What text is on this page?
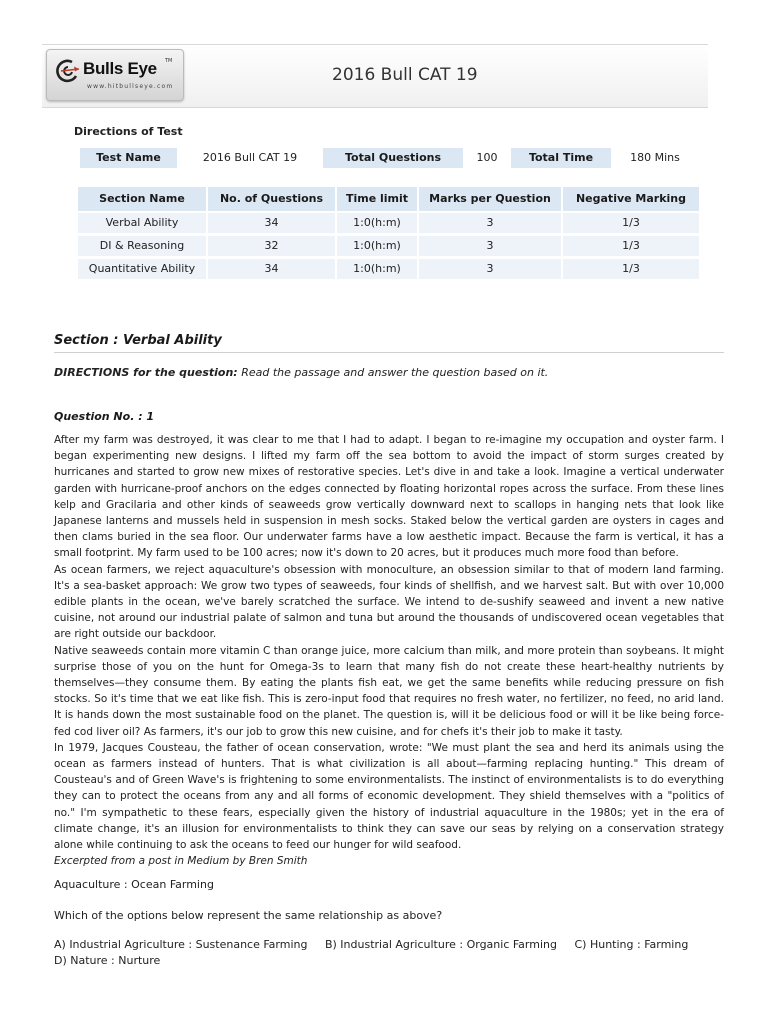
Bulls Eye TM
www.hitbullseye.com
2016 Bull CAT 19
Directions of Test
Test Name	2016 Bull CAT 19	Total Questions	100	Total Time	180 Mins
Section Name	No. of Questions	Time limit	Marks per Question	Negative Marking
Verbal Ability	34	1:0(h:m)	3	1/3
DI & Reasoning	32	1:0(h:m)	3	1/3
Quantitative Ability	34	1:0(h:m)	3	1/3
Section : Verbal Ability
DIRECTIONS for the question: Read the passage and answer the question based on it.
Question No. : 1

After my farm was destroyed, it was clear to me that I had to adapt. I began to re-imagine my occupation and oyster farm. I began experimenting new designs. I lifted my farm off the sea bottom to avoid the impact of storm surges created by hurricanes and started to grow new mixes of restorative species. Let's dive in and take a look. Imagine a vertical underwater garden with hurricane-proof anchors on the edges connected by floating horizontal ropes across the surface. From these lines kelp and Gracilaria and other kinds of seaweeds grow vertically downward next to scallops in hanging nets that look like Japanese lanterns and mussels held in suspension in mesh socks. Staked below the vertical garden are oysters in cages and then clams buried in the sea floor. Our underwater farms have a low aesthetic impact. Because the farm is vertical, it has a small footprint. My farm used to be 100 acres; now it's down to 20 acres, but it produces much more food than before.

As ocean farmers, we reject aquaculture's obsession with monoculture, an obsession similar to that of modern land farming. It's a sea-basket approach: We grow two types of seaweeds, four kinds of shellfish, and we harvest salt. But with over 10,000 edible plants in the ocean, we've barely scratched the surface. We intend to de-sushify seaweed and invent a new native cuisine, not around our industrial palate of salmon and tuna but around the thousands of undiscovered ocean vegetables that are right outside our backdoor.

Native seaweeds contain more vitamin C than orange juice, more calcium than milk, and more protein than soybeans. It might surprise those of you on the hunt for Omega-3s to learn that many fish do not create these heart-healthy nutrients by themselves—they consume them. By eating the plants fish eat, we get the same benefits while reducing pressure on fish stocks. So it's time that we eat like fish. This is zero-input food that requires no fresh water, no fertilizer, no feed, no arid land. It is hands down the most sustainable food on the planet. The question is, will it be delicious food or will it be like being force-fed cod liver oil? As farmers, it's our job to grow this new cuisine, and for chefs it's their job to make it tasty.

In 1979, Jacques Cousteau, the father of ocean conservation, wrote: "We must plant the sea and herd its animals using the ocean as farmers instead of hunters. That is what civilization is all about—farming replacing hunting." This dream of Cousteau's and of Green Wave's is frightening to some environmentalists. The instinct of environmentalists is to do everything they can to protect the oceans from any and all forms of economic development. They shield themselves with a "politics of no." I'm sympathetic to these fears, especially given the history of industrial aquaculture in the 1980s; yet in the era of climate change, it's an illusion for environmentalists to think they can save our seas by relying on a conservation strategy alone while continuing to ask the oceans to feed our hunger for wild seafood.

Excerpted from a post in Medium by Bren Smith

Aquaculture : Ocean Farming
Which of the options below represent the same relationship as above?
A) Industrial Agriculture : Sustenance Farming B) Industrial Agriculture : Organic Farming C) Hunting : Farming
D) Nature : Nurture
